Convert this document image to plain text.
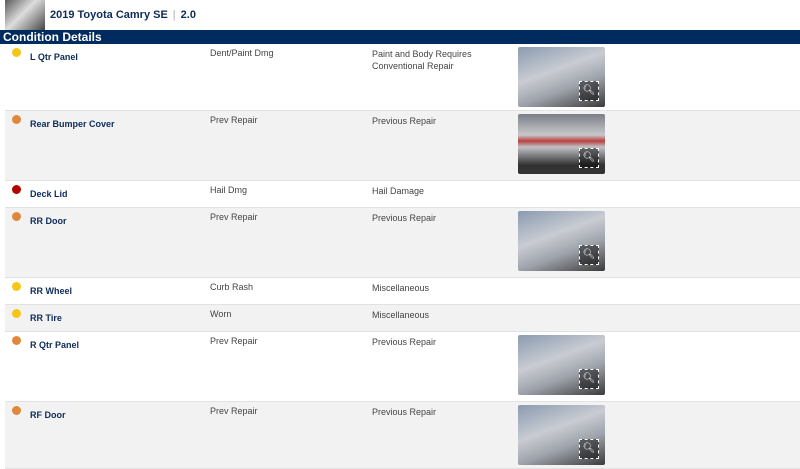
2019 Toyota Camry SE | 2.0
Condition Details
L Qtr Panel	Dent/Paint Dmg	Paint and Body Requires Conventional Repair
🔍︎
Rear Bumper Cover	Prev Repair	Previous Repair
🔍︎
Deck Lid	Hail Dmg	Hail Damage
RR Door	Prev Repair	Previous Repair
🔍︎
RR Wheel	Curb Rash	Miscellaneous
RR Tire	Worn	Miscellaneous
R Qtr Panel	Prev Repair	Previous Repair
🔍︎
RF Door	Prev Repair	Previous Repair
🔍︎
